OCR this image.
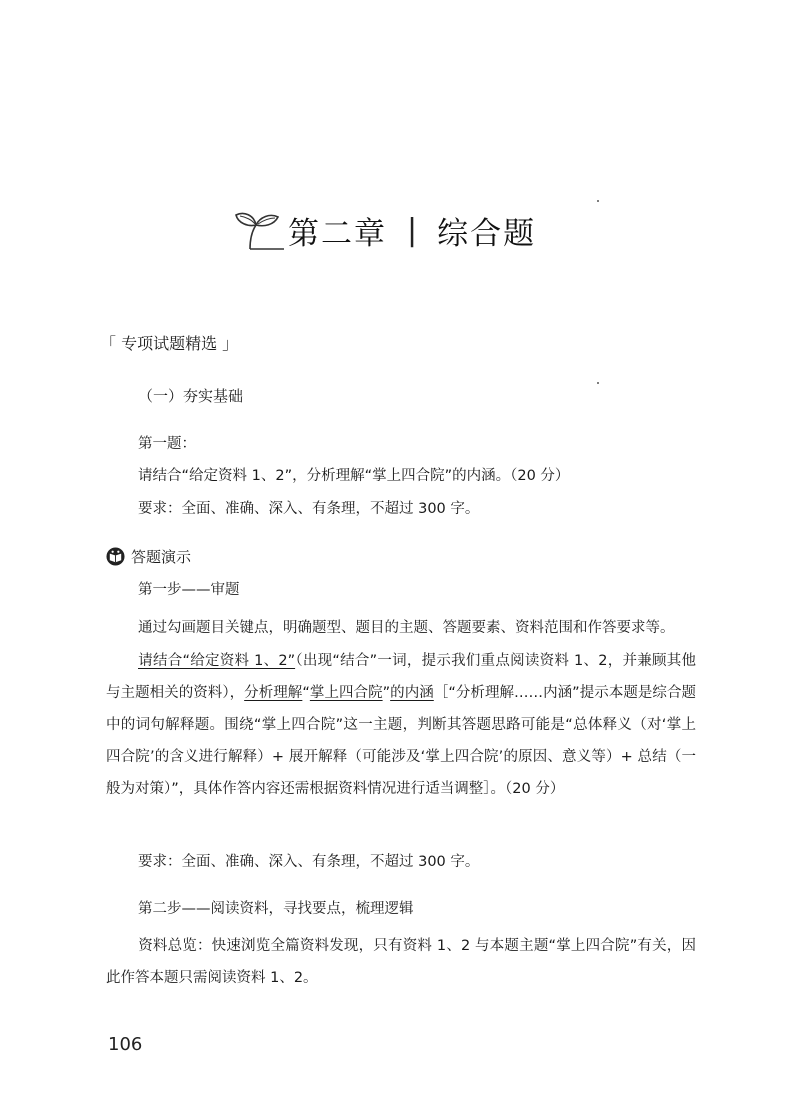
第二章 | 综合题
「 专项试题精选 」
（一）夯实基础
第一题：
请结合“给定资料 1、2”，分析理解“掌上四合院”的内涵。（20 分）
要求：全面、准确、深入、有条理，不超过 300 字。
答题演示
第一步——审题
通过勾画题目关键点，明确题型、题目的主题、答题要素、资料范围和作答要求等。
请结合“给定资料 1、2”（出现“结合”一词，提示我们重点阅读资料 1、2，并兼顾其他与主题相关的资料），分析理解“掌上四合院”的内涵［“分析理解……内涵”提示本题是综合题中的词句解释题。围绕“掌上四合院”这一主题，判断其答题思路可能是“总体释义（对‘掌上四合院’的含义进行解释）+ 展开解释（可能涉及‘掌上四合院’的原因、意义等）+ 总结（一般为对策）”，具体作答内容还需根据资料情况进行适当调整］。（20 分）
要求：全面、准确、深入、有条理，不超过 300 字。
第二步——阅读资料，寻找要点，梳理逻辑
资料总览：快速浏览全篇资料发现，只有资料 1、2 与本题主题“掌上四合院”有关，因此作答本题只需阅读资料 1、2。
106
